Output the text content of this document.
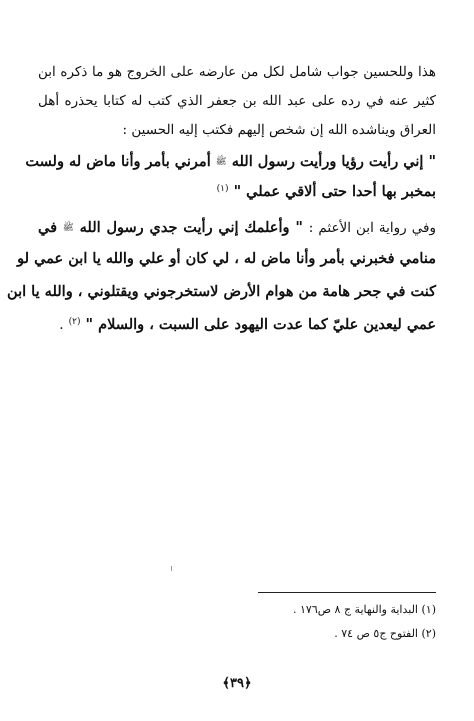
هذا وللحسين جواب شامل لكل من عارضه على الخروج هو ما ذكره ابن
كثير عنه في رده على عبد الله بن جعفر الذي كتب له كتابا يحذره أهل
العراق ويناشده الله إن شخص إليهم فكتب إليه الحسين :
" إني رأيت رؤيا ورأيت رسول الله ﷺ أمرني بأمر وأنا ماض له ولست
بمخبر بها أحدا حتى ألاقي عملي " $^{(١)}$
وفي رواية ابن الأعثم : " وأعلمك إني رأيت جدي رسول الله ﷺ في
منامي فخبرني بأمر وأنا ماض له ، لي كان أو علي والله يا ابن عمي لو
كنت في جحر هامة من هوام الأرض لاستخرجوني ويقتلوني ، والله يا ابن
عمي ليعدين عليّ كما عدت اليهود على السبت ، والسلام " $^{(٢)}$ .
(١) البداية والنهاية ج ٨ ص١٧٦ .
(٢) الفتوح ج٥ ص ٧٤ .
﴿٣٩﴾
